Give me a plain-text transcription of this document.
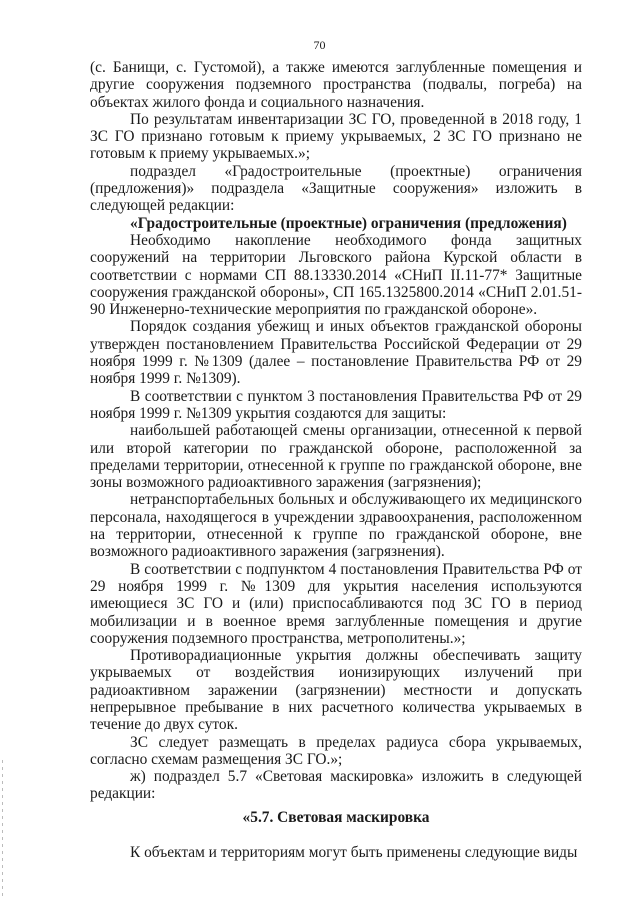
70

(с. Банищи, с. Густомой), а также имеются заглубленные помещения и другие сооружения подземного пространства (подвалы, погреба) на объектах жилого фонда и социального назначения.

По результатам инвентаризации ЗС ГО, проведенной в 2018 году, 1 ЗС ГО признано готовым к приему укрываемых, 2 ЗС ГО признано не готовым к приему укрываемых.»;

подраздел «Градостроительные (проектные) ограничения (предложения)» подраздела «Защитные сооружения» изложить в следующей редакции:

«Градостроительные (проектные) ограничения (предложения)

Необходимо накопление необходимого фонда защитных сооружений на территории Льговского района Курской области в соответствии с нормами СП 88.13330.2014 «СНиП II.11-77* Защитные сооружения гражданской обороны», СП 165.1325800.2014 «СНиП 2.01.51-90 Инженерно-технические мероприятия по гражданской обороне».

Порядок создания убежищ и иных объектов гражданской обороны утвержден постановлением Правительства Российской Федерации от 29 ноября 1999 г. №1309 (далее – постановление Правительства РФ от 29 ноября 1999 г. №1309).

В соответствии с пунктом 3 постановления Правительства РФ от 29 ноября 1999 г. №1309 укрытия создаются для защиты:

наибольшей работающей смены организации, отнесенной к первой или второй категории по гражданской обороне, расположенной за пределами территории, отнесенной к группе по гражданской обороне, вне зоны возможного радиоактивного заражения (загрязнения);

нетранспортабельных больных и обслуживающего их медицинского персонала, находящегося в учреждении здравоохранения, расположенном на территории, отнесенной к группе по гражданской обороне, вне возможного радиоактивного заражения (загрязнения).

В соответствии с подпунктом 4 постановления Правительства РФ от 29 ноября 1999 г. №1309 для укрытия населения используются имеющиеся ЗС ГО и (или) приспосабливаются под ЗС ГО в период мобилизации и в военное время заглубленные помещения и другие сооружения подземного пространства, метрополитены.»;

Противорадиационные укрытия должны обеспечивать защиту укрываемых от воздействия ионизирующих излучений при радиоактивном заражении (загрязнении) местности и допускать непрерывное пребывание в них расчетного количества укрываемых в течение до двух суток.

ЗС следует размещать в пределах радиуса сбора укрываемых, согласно схемам размещения ЗС ГО.»;

ж) подраздел 5.7 «Световая маскировка» изложить в следующей редакции:

«5.7. Световая маскировка

К объектам и территориям могут быть применены следующие виды
